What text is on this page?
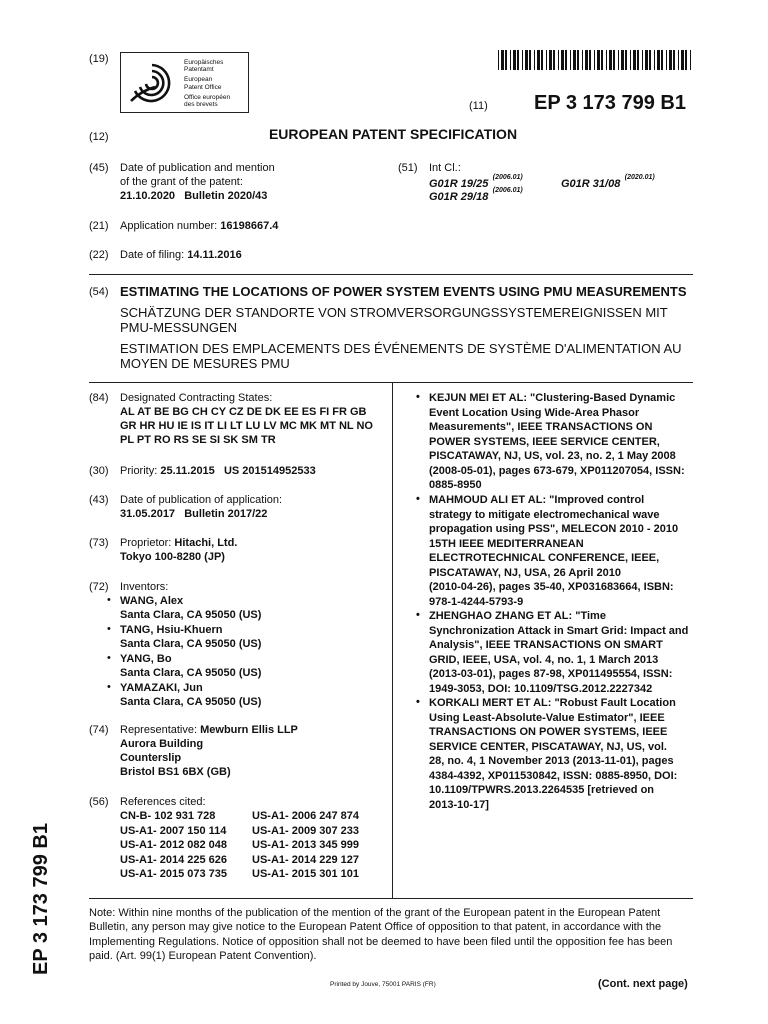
(19)	Europäisches
Patentamt
European
Patent Office
Office européen
des brevets	(11) EP 3 173 799 B1
(12)	EUROPEAN PATENT SPECIFICATION
(45) Date of publication and mention
of the grant of the patent:
21.10.2020   Bulletin 2020/43
(51) Int Cl.:
G01R 19/25 $^{(2006.01)}$
G01R 31/08 $^{(2020.01)}$
G01R 29/18 $^{(2006.01)}$
(21) Application number: 16198667.4
(22) Date of filing: 14.11.2016
(54) ESTIMATING THE LOCATIONS OF POWER SYSTEM EVENTS USING PMU MEASUREMENTS
SCHÄTZUNG DER STANDORTE VON STROMVERSORGUNGSSYSTEMEREIGNISSEN MIT
PMU-MESSUNGEN
ESTIMATION DES EMPLACEMENTS DES ÉVÉNEMENTS DE SYSTÈME D'ALIMENTATION AU
MOYEN DE MESURES PMU
(84) Designated Contracting States:
AL AT BE BG CH CY CZ DE DK EE ES FI FR GB
GR HR HU IE IS IT LI LT LU LV MC MK MT NL NO
PL PT RO RS SE SI SK SM TR
(30) Priority: 25.11.2015   US 201514952533
(43) Date of publication of application:
31.05.2017   Bulletin 2017/22
(73) Proprietor: Hitachi, Ltd.
Tokyo 100-8280 (JP)
(72) Inventors:
• WANG, Alex
Santa Clara, CA 95050 (US)
• TANG, Hsiu-Khuern
Santa Clara, CA 95050 (US)
• YANG, Bo
Santa Clara, CA 95050 (US)
• YAMAZAKI, Jun
Santa Clara, CA 95050 (US)
(74) Representative: Mewburn Ellis LLP
Aurora Building
Counterslip
Bristol BS1 6BX (GB)
(56) References cited:
CN-B- 102 931 728	US-A1- 2006 247 874
US-A1- 2007 150 114 US-A1- 2009 307 233
US-A1- 2012 082 048 US-A1- 2013 345 999
US-A1- 2014 225 626 US-A1- 2014 229 127
US-A1- 2015 073 735 US-A1- 2015 301 101
• KEJUN MEI ET AL: "Clustering-Based Dynamic
Event Location Using Wide-Area Phasor
Measurements", IEEE TRANSACTIONS ON
POWER SYSTEMS, IEEE SERVICE CENTER,
PISCATAWAY, NJ, US, vol. 23, no. 2, 1 May 2008
(2008-05-01), pages 673-679, XP011207054, ISSN:
0885-8950
• MAHMOUD ALI ET AL: "Improved control
strategy to mitigate electromechanical wave
propagation using PSS", MELECON 2010 - 2010
15TH IEEE MEDITERRANEAN
ELECTROTECHNICAL CONFERENCE, IEEE,
PISCATAWAY, NJ, USA, 26 April 2010
(2010-04-26), pages 35-40, XP031683664, ISBN:
978-1-4244-5793-9
• ZHENGHAO ZHANG ET AL: "Time
Synchronization Attack in Smart Grid: Impact and
Analysis", IEEE TRANSACTIONS ON SMART
GRID, IEEE, USA, vol. 4, no. 1, 1 March 2013
(2013-03-01), pages 87-98, XP011495554, ISSN:
1949-3053, DOI: 10.1109/TSG.2012.2227342
• KORKALI MERT ET AL: "Robust Fault Location
Using Least-Absolute-Value Estimator", IEEE
TRANSACTIONS ON POWER SYSTEMS, IEEE
SERVICE CENTER, PISCATAWAY, NJ, US, vol.
28, no. 4, 1 November 2013 (2013-11-01), pages
4384-4392, XP011530842, ISSN: 0885-8950, DOI:
10.1109/TPWRS.2013.2264535 [retrieved on
2013-10-17]
Note: Within nine months of the publication of the mention of the grant of the European patent in the European Patent Bulletin, any person may give notice to the European Patent Office of opposition to that patent, in accordance with the Implementing Regulations. Notice of opposition shall not be deemed to have been filed until the opposition fee has been paid. (Art. 99(1) European Patent Convention).
Printed by Jouve, 75001 PARIS (FR)	(Cont. next page)
EP 3 173 799 B1
